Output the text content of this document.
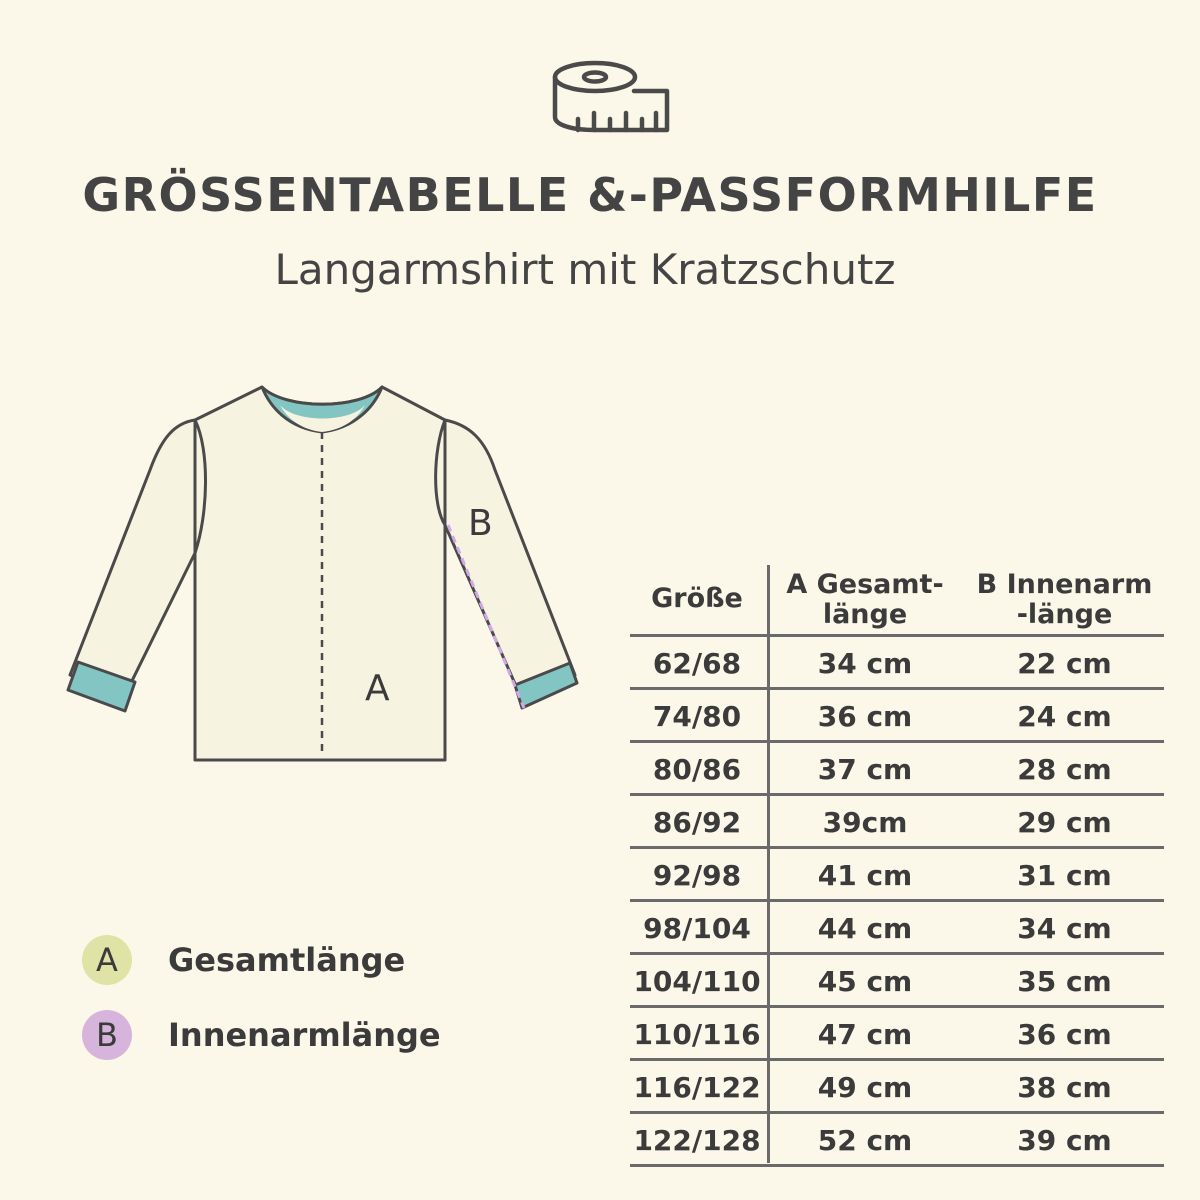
GRÖSSENTABELLE &-PASSFORMHILFE
Langarmshirt mit Kratzschutz
A
B
A	Gesamtlänge
B	Innenarmlänge
Größe	A Gesamt-
länge
B Innenarm
-länge
62/68	34 cm	22 cm
74/80	36 cm	24 cm
80/86	37 cm	28 cm
86/92	39cm	29 cm
92/98	41 cm	31 cm
98/104	44 cm	34 cm
104/110	45 cm	35 cm
110/116	47 cm	36 cm
116/122	49 cm	38 cm
122/128	52 cm	39 cm
